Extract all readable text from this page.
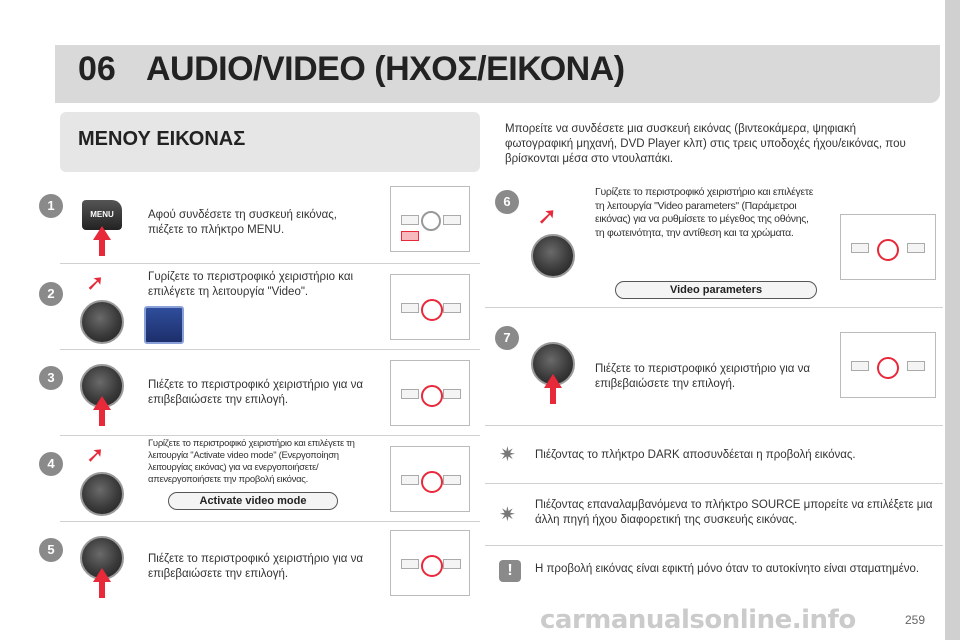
06 AUDIO/VIDEO (ΗΧΟΣ/ΕΙΚΟΝΑ)
ΜΕΝΟΥ ΕΙΚΟΝΑΣ	Μπορείτε να συνδέσετε μια συσκευή εικόνας (βιντεοκάμερα, ψηφιακή φωτογραφική μηχανή, DVD Player κλπ) στις τρεις υποδοχές ήχου/εικόνας, που βρίσκονται μέσα στο ντουλαπάκι.
1
MENU	Αφού συνδέσετε τη συσκευή εικόνας, πιέζετε το πλήκτρο MENU.
2	➚	Γυρίζετε το περιστροφικό χειριστήριο και επιλέγετε τη λειτουργία "Video".
3	Πιέζετε το περιστροφικό χειριστήριο για να επιβεβαιώσετε την επιλογή.
4	➚	Γυρίζετε το περιστροφικό χειριστήριο και επιλέγετε τη λειτουργία "Activate video mode" (Ενεργοποίηση λειτουργίας εικόνας) για να ενεργοποιήσετε/ απενεργοποιήσετε την προβολή εικόνας.
Activate video mode
5
Πιέζετε το περιστροφικό χειριστήριο για να επιβεβαιώσετε την επιλογή.
6
➚
Γυρίζετε το περιστροφικό χειριστήριο και επιλέγετε τη λειτουργία "Video parameters" (Παράμετροι εικόνας) για να ρυθμίσετε το μέγεθος της οθόνης, τη φωτεινότητα, την αντίθεση και τα χρώματα.
Video parameters
7
Πιέζετε το περιστροφικό χειριστήριο για να επιβεβαιώσετε την επιλογή.
✷ Πιέζοντας το πλήκτρο DARK αποσυνδέεται η προβολή εικόνας.
✷ Πιέζοντας επαναλαμβανόμενα το πλήκτρο SOURCE μπορείτε να επιλέξετε μια άλλη πηγή ήχου διαφορετική της συσκευής εικόνας.
!	Η προβολή εικόνας είναι εφικτή μόνο όταν το αυτοκίνητο είναι σταματημένο.
carmanualsonline.info	259
